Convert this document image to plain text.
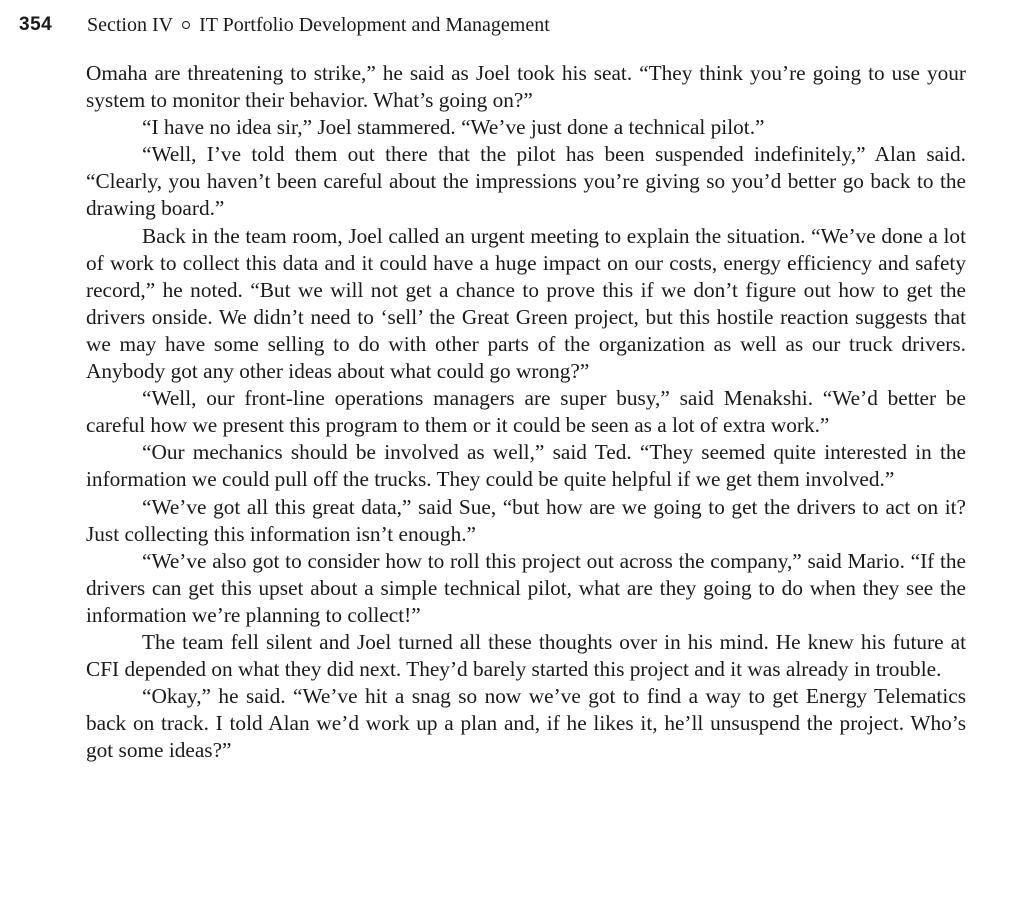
354 Section IV IT Portfolio Development and Management

Omaha are threatening to strike,” he said as Joel took his seat. “They think you’re going to use your system to monitor their behavior. What’s going on?”

“I have no idea sir,” Joel stammered. “We’ve just done a technical pilot.”

“Well, I’ve told them out there that the pilot has been suspended indefinitely,” Alan said. “Clearly, you haven’t been careful about the impressions you’re giving so you’d better go back to the drawing board.”

Back in the team room, Joel called an urgent meeting to explain the situation. “We’ve done a lot of work to collect this data and it could have a huge impact on our costs, energy efficiency and safety record,” he noted. “But we will not get a chance to prove this if we don’t figure out how to get the drivers onside. We didn’t need to ‘sell’ the Great Green project, but this hostile reaction suggests that we may have some selling to do with other parts of the organization as well as our truck drivers. Anybody got any other ideas about what could go wrong?”

“Well, our front-line operations managers are super busy,” said Menakshi. “We’d better be careful how we present this program to them or it could be seen as a lot of extra work.”

“Our mechanics should be involved as well,” said Ted. “They seemed quite interested in the information we could pull off the trucks. They could be quite helpful if we get them involved.”

“We’ve got all this great data,” said Sue, “but how are we going to get the drivers to act on it? Just collecting this information isn’t enough.”

“We’ve also got to consider how to roll this project out across the company,” said Mario. “If the drivers can get this upset about a simple technical pilot, what are they going to do when they see the information we’re planning to collect!”

The team fell silent and Joel turned all these thoughts over in his mind. He knew his future at CFI depended on what they did next. They’d barely started this project and it was already in trouble.

“Okay,” he said. “We’ve hit a snag so now we’ve got to find a way to get Energy Telematics back on track. I told Alan we’d work up a plan and, if he likes it, he’ll unsuspend the project. Who’s got some ideas?”
